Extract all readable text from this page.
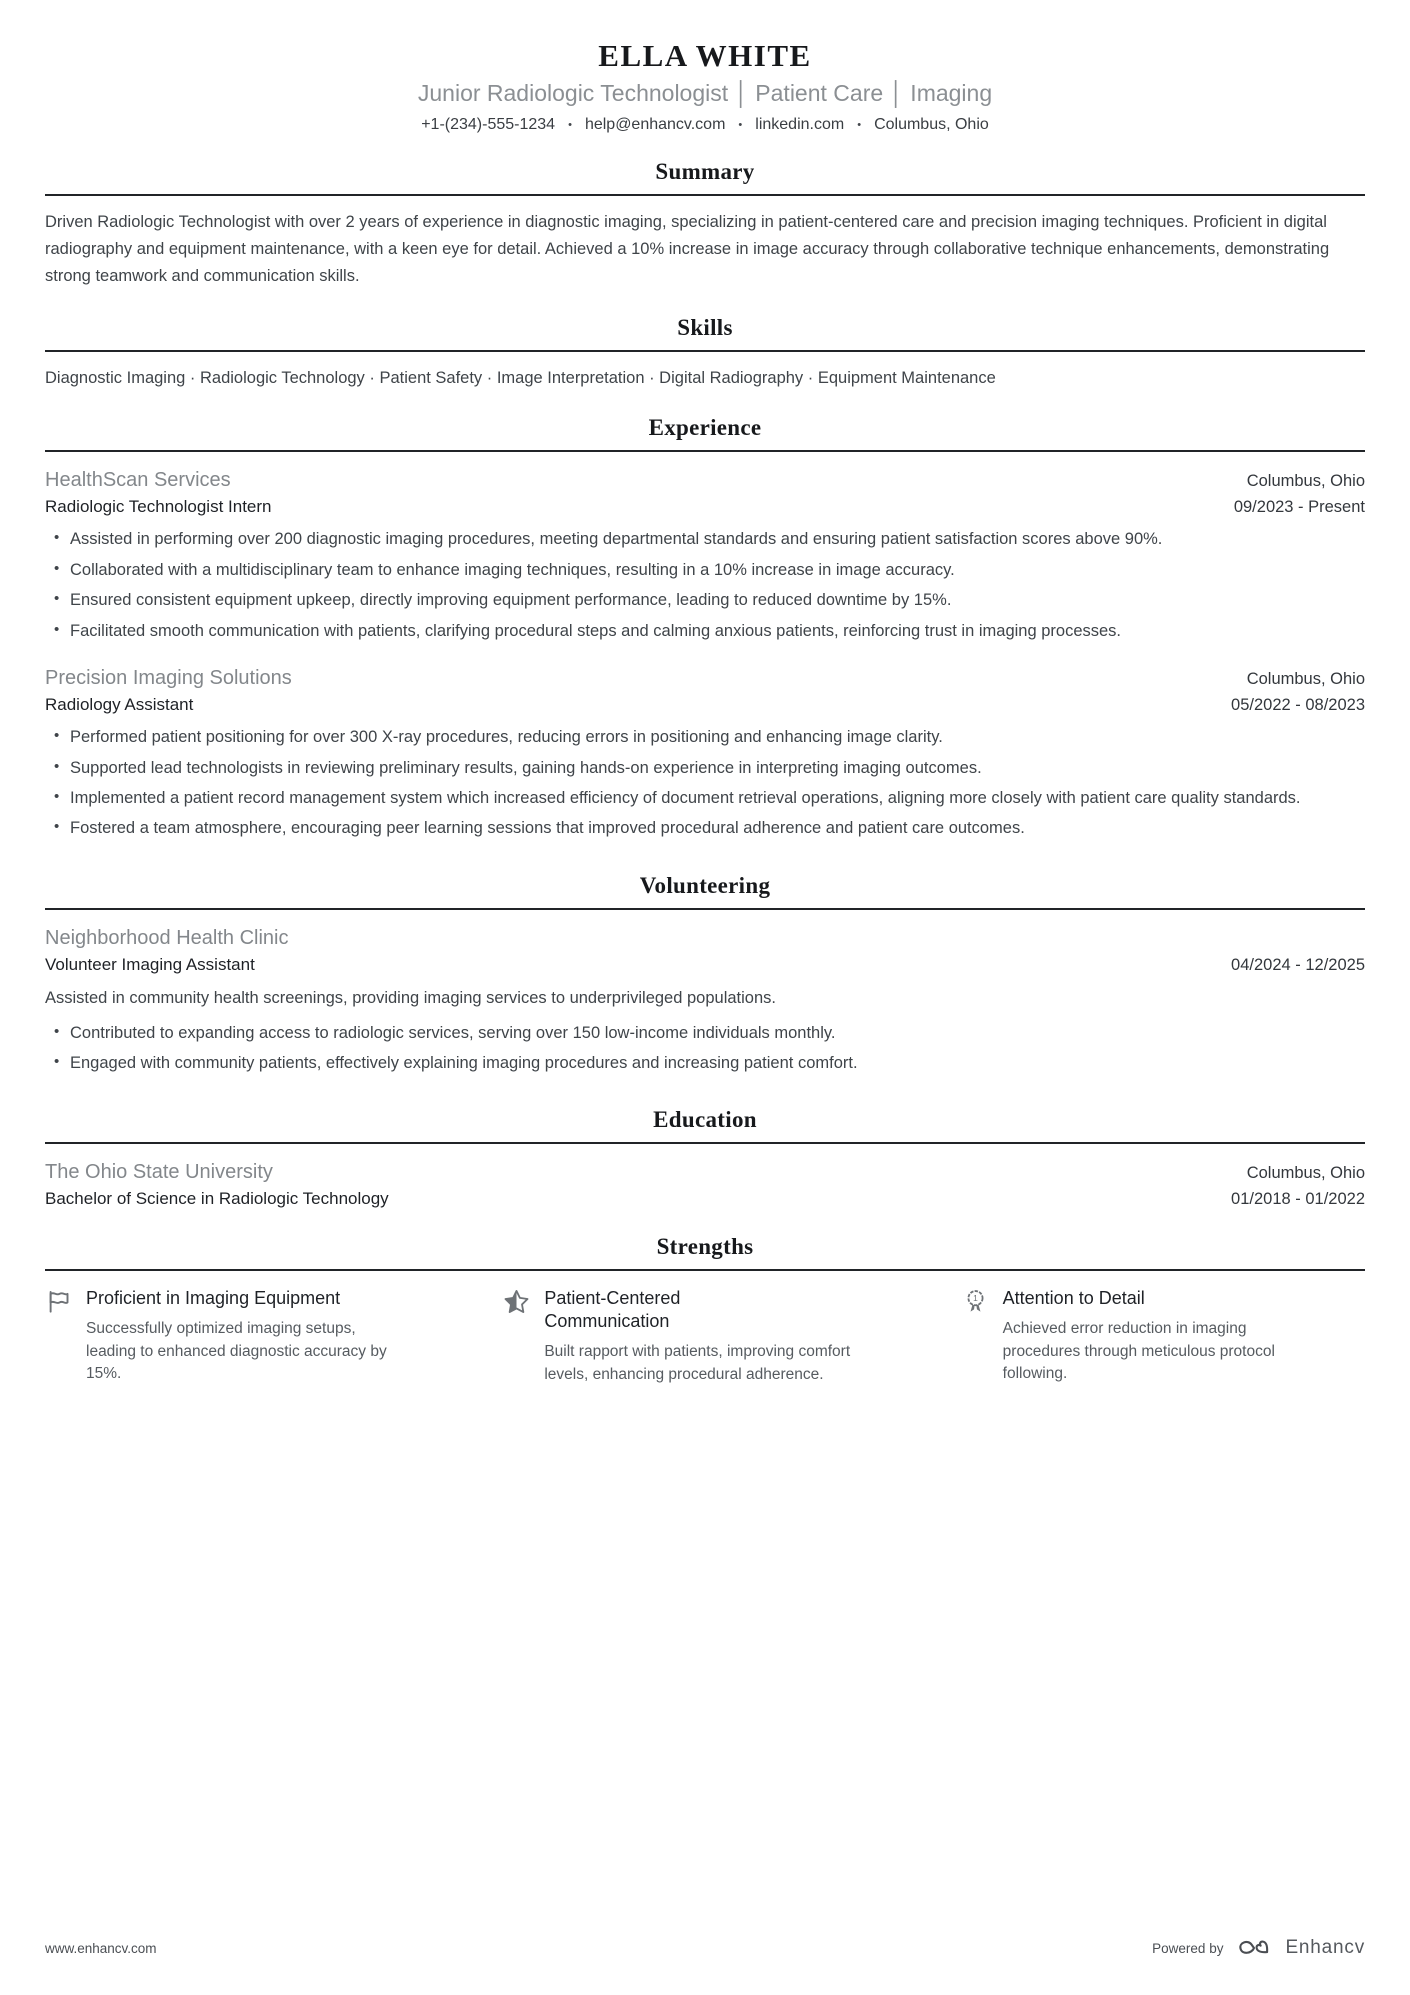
ELLA WHITE
Junior Radiologic Technologist │ Patient Care │ Imaging
+1-(234)-555-1234 • help@enhancv.com • linkedin.com • Columbus, Ohio
Summary

Driven Radiologic Technologist with over 2 years of experience in diagnostic imaging, specializing in patient-centered care and precision imaging techniques. Proficient in digital radiography and equipment maintenance, with a keen eye for detail. Achieved a 10% increase in image accuracy through collaborative technique enhancements, demonstrating strong teamwork and communication skills.

Skills

Diagnostic Imaging · Radiologic Technology · Patient Safety · Image Interpretation · Digital Radiography · Equipment Maintenance

Experience
HealthScan Services	Columbus, Ohio
Radiologic Technologist Intern	09/2023 - Present
• Assisted in performing over 200 diagnostic imaging procedures, meeting departmental standards and ensuring patient satisfaction scores above 90%.
• Collaborated with a multidisciplinary team to enhance imaging techniques, resulting in a 10% increase in image accuracy.
• Ensured consistent equipment upkeep, directly improving equipment performance, leading to reduced downtime by 15%.
• Facilitated smooth communication with patients, clarifying procedural steps and calming anxious patients, reinforcing trust in imaging processes.
Precision Imaging Solutions	Columbus, Ohio
Radiology Assistant	05/2022 - 08/2023
• Performed patient positioning for over 300 X-ray procedures, reducing errors in positioning and enhancing image clarity.
• Supported lead technologists in reviewing preliminary results, gaining hands-on experience in interpreting imaging outcomes.
• Implemented a patient record management system which increased efficiency of document retrieval operations, aligning more closely with patient care quality standards.
• Fostered a team atmosphere, encouraging peer learning sessions that improved procedural adherence and patient care outcomes.
Volunteering
Neighborhood Health Clinic
Volunteer Imaging Assistant	04/2024 - 12/2025

Assisted in community health screenings, providing imaging services to underprivileged populations.

• Contributed to expanding access to radiologic services, serving over 150 low-income individuals monthly.
• Engaged with community patients, effectively explaining imaging procedures and increasing patient comfort.
Education
The Ohio State University	Columbus, Ohio
Bachelor of Science in Radiologic Technology	01/2018 - 01/2022
Strengths
Proficient in Imaging Equipment
Successfully optimized imaging setups, leading to enhanced diagnostic accuracy by 15%.
Patient-Centered Communication
Built rapport with patients, improving comfort levels, enhancing procedural adherence.
1 Attention to Detail
Achieved error reduction in imaging procedures through meticulous protocol following.
www.enhancv.com	Powered by	Enhancv
